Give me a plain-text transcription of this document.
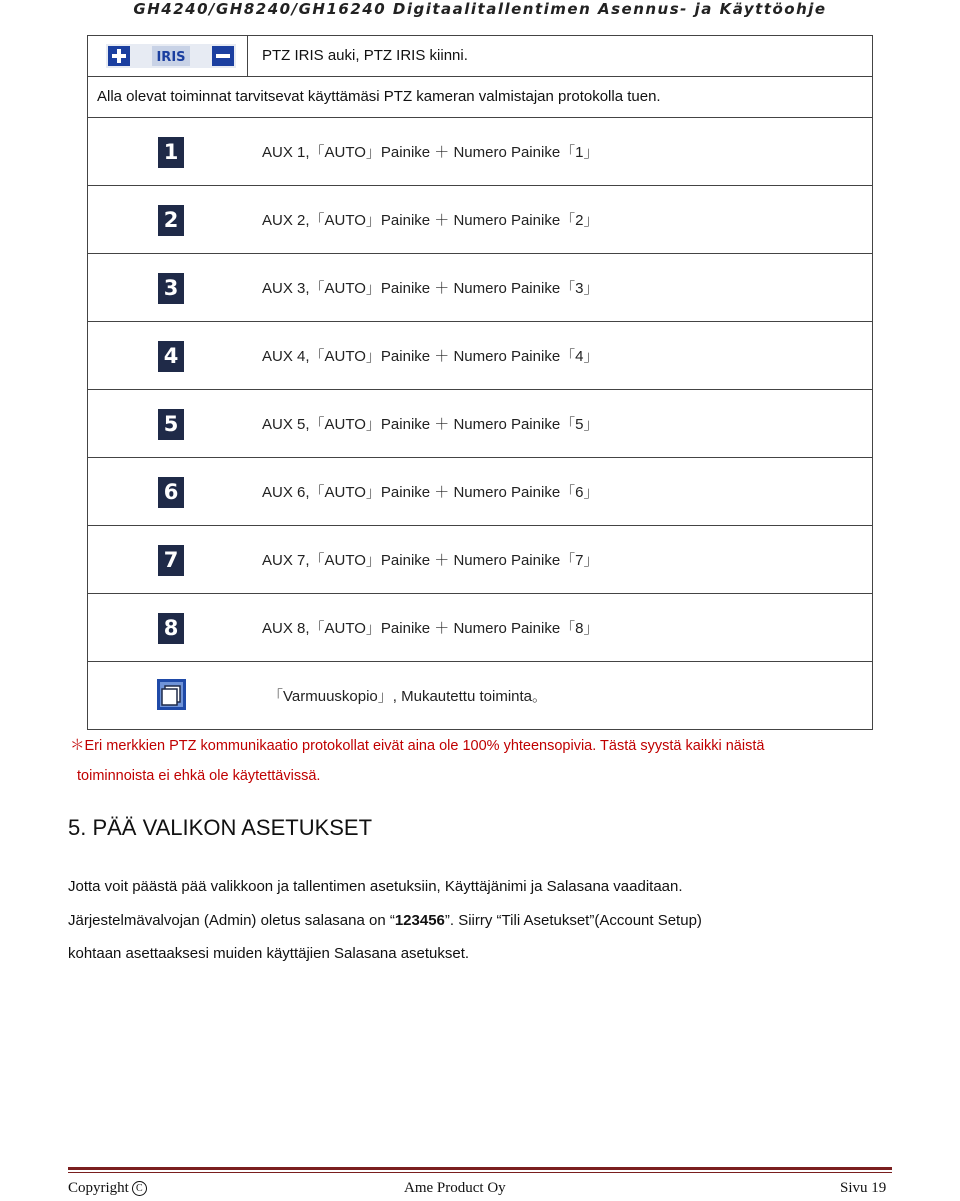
GH4240/GH8240/GH16240 Digitaalitallentimen Asennus- ja Käyttöohje
IRIS	PTZ IRIS auki, PTZ IRIS kiinni.
Alla olevat toiminnat tarvitsevat käyttämäsi PTZ kameran valmistajan protokolla tuen.
1	AUX 1,「AUTO」Painike ＋ Numero Painike「1」
2	AUX 2,「AUTO」Painike ＋ Numero Painike「2」
3	AUX 3,「AUTO」Painike ＋ Numero Painike「3」
4	AUX 4,「AUTO」Painike ＋ Numero Painike「4」
5	AUX 5,「AUTO」Painike ＋ Numero Painike「5」
6	AUX 6,「AUTO」Painike ＋ Numero Painike「6」
7	AUX 7,「AUTO」Painike ＋ Numero Painike「7」
8	AUX 8,「AUTO」Painike ＋ Numero Painike「8」
「Varmuuskopio」, Mukautettu toiminta。
＊Eri merkkien PTZ kommunikaatio protokollat eivät aina ole 100% yhteensopivia. Tästä syystä kaikki näistä
toiminnoista ei ehkä ole käytettävissä.
5. PÄÄ VALIKON ASETUKSET
Jotta voit päästä pää valikkoon ja tallentimen asetuksiin, Käyttäjänimi ja Salasana vaaditaan.
Järjestelmävalvojan (Admin) oletus salasana on “123456”. Siirry “Tili Asetukset”(Account Setup)
kohtaan asettaaksesi muiden käyttäjien Salasana asetukset.
Copyright C	Ame Product Oy	Sivu 19
